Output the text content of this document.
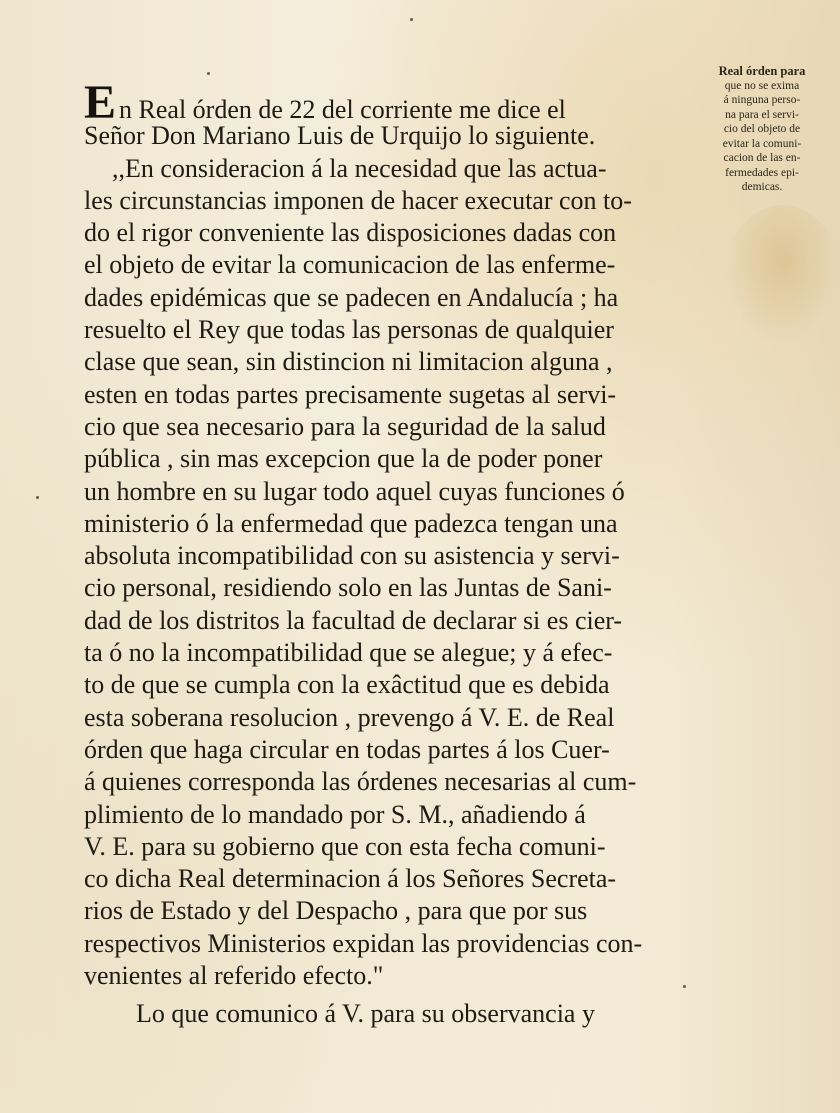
Real órden para
que no se exima
á ninguna perso-
na para el servi-
cio del objeto de
evitar la comuni-
cacion de las en-
fermedades epi-
demicas.
E n Real órden de 22 del corriente me dice el
Señor Don Mariano Luis de Urquijo lo siguiente.
,,En consideracion á la necesidad que las actua-
les circunstancias imponen de hacer executar con to-
do el rigor conveniente las disposiciones dadas con
el objeto de evitar la comunicacion de las enferme-
dades epidémicas que se padecen en Andalucía ; ha
resuelto el Rey que todas las personas de qualquier
clase que sean, sin distincion ni limitacion alguna ,
esten en todas partes precisamente sugetas al servi-
cio que sea necesario para la seguridad de la salud
pública , sin mas excepcion que la de poder poner
un hombre en su lugar todo aquel cuyas funciones ó
ministerio ó la enfermedad que padezca tengan una
absoluta incompatibilidad con su asistencia y servi-
cio personal, residiendo solo en las Juntas de Sani-
dad de los distritos la facultad de declarar si es cier-
ta ó no la incompatibilidad que se alegue; y á efec-
to de que se cumpla con la exâctitud que es debida
esta soberana resolucion , prevengo á V. E. de Real
órden que haga circular en todas partes á los Cuer-
á quienes corresponda las órdenes necesarias al cum-
plimiento de lo mandado por S. M., añadiendo á
V. E. para su gobierno que con esta fecha comuni-
co dicha Real determinacion á los Señores Secreta-
rios de Estado y del Despacho , para que por sus
respectivos Ministerios expidan las providencias con-
venientes al referido efecto."
Lo que comunico á V. para su observancia y
